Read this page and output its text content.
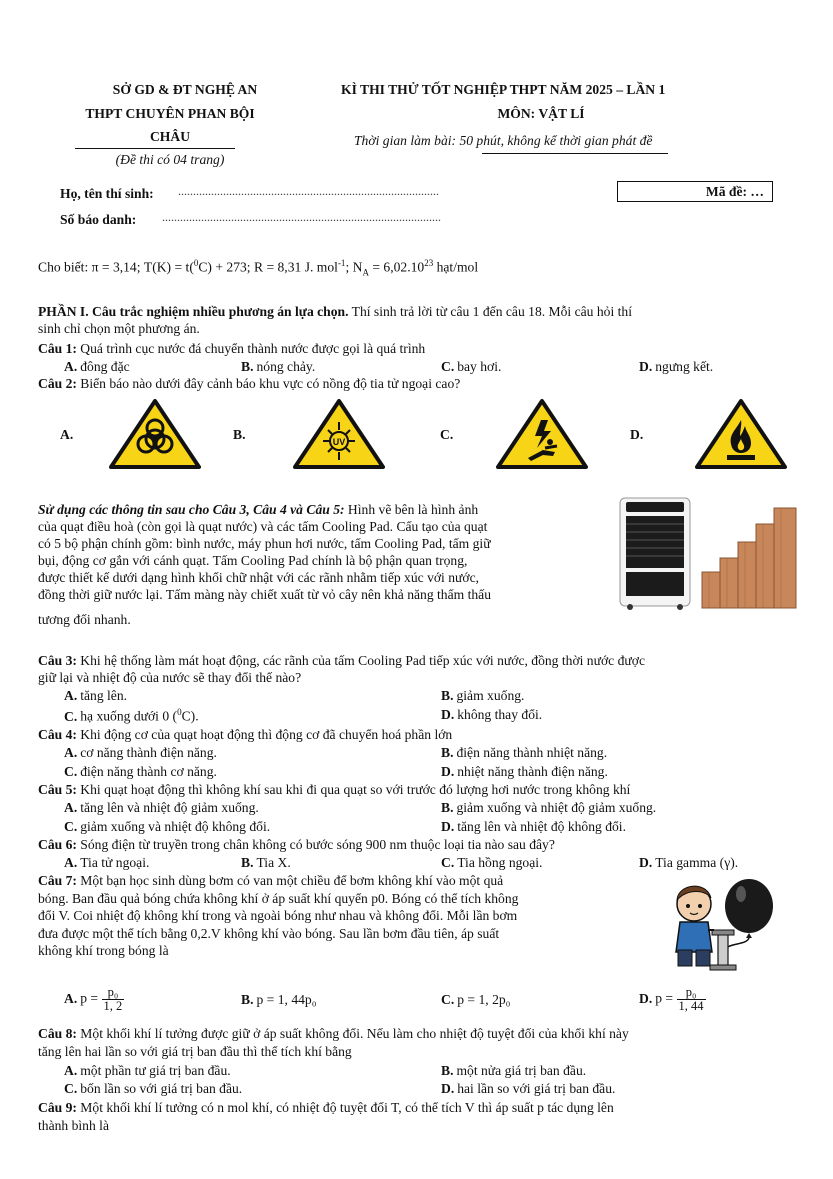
SỞ GD & ĐT NGHỆ AN
THPT CHUYÊN PHAN BỘI
CHÂU
(Đề thi có 04 trang)
KÌ THI THỬ TỐT NGHIỆP THPT NĂM 2025 – LẦN 1
MÔN: VẬT LÍ
Thời gian làm bài: 50 phút, không kể thời gian phát đề
Họ, tên thí sinh: .......................................................................................
Số báo danh: .............................................................................................
Mã đề: …
Cho biết: π = 3,14; T(K) = t($^0$C) + 273; R = 8,31 J. mol$^{-1}$; $N_A = 6,02.10^{23}$ hạt/mol
PHẦN I. Câu trắc nghiệm nhiều phương án lựa chọn. Thí sinh trả lời từ câu 1 đến câu 18. Mỗi câu hỏi thí
sinh chỉ chọn một phương án.
Câu 1: Quá trình cục nước đá chuyển thành nước được gọi là quá trình
A. đông đặc	B. nóng chảy.	C. bay hơi.	D. ngưng kết.
Câu 2: Biển báo nào dưới đây cảnh báo khu vực có nồng độ tia tử ngoại cao?
A.	B.	C.	D.
UV
Sử dụng các thông tin sau cho Câu 3, Câu 4 và Câu 5: Hình vẽ bên là hình ảnh
của quạt điều hoà (còn gọi là quạt nước) và các tấm Cooling Pad. Cấu tạo của quạt
có 5 bộ phận chính gồm: bình nước, máy phun hơi nước, tấm Cooling Pad, tấm giữ
bụi, động cơ gắn với cánh quạt. Tấm Cooling Pad chính là bộ phận quan trọng,
được thiết kế dưới dạng hình khối chữ nhật với các rãnh nhằm tiếp xúc với nước,
đồng thời giữ nước lại. Tấm màng này chiết xuất từ vỏ cây nên khả năng thẩm thấu
tương đối nhanh.
Câu 3: Khi hệ thống làm mát hoạt động, các rãnh của tấm Cooling Pad tiếp xúc với nước, đồng thời nước được
giữ lại và nhiệt độ của nước sẽ thay đổi thế nào?
A. tăng lên.	B. giảm xuống.
C. hạ xuống dưới 0 ($^0$C).	D. không thay đổi.
Câu 4: Khi động cơ của quạt hoạt động thì động cơ đã chuyển hoá phần lớn
A. cơ năng thành điện năng.	B. điện năng thành nhiệt năng.
C. điện năng thành cơ năng.	D. nhiệt năng thành điện năng.
Câu 5: Khi quạt hoạt động thì không khí sau khi đi qua quạt so với trước đó lượng hơi nước trong không khí
A. tăng lên và nhiệt độ giảm xuống.	B. giảm xuống và nhiệt độ giảm xuống.
C. giảm xuống và nhiệt độ không đổi.	D. tăng lên và nhiệt độ không đổi.
Câu 6: Sóng điện từ truyền trong chân không có bước sóng 900 nm thuộc loại tia nào sau đây?
A. Tia tử ngoại.	B. Tia X.	C. Tia hồng ngoại.	D. Tia gamma (γ).
Câu 7: Một bạn học sinh dùng bơm có van một chiều để bơm không khí vào một quả
bóng. Ban đầu quả bóng chứa không khí ở áp suất khí quyển p0. Bóng có thể tích không
đổi V. Coi nhiệt độ không khí trong và ngoài bóng như nhau và không đổi. Mỗi lần bơm
đưa được một thể tích bằng 0,2.V không khí vào bóng. Sau lần bơm đầu tiên, áp suất
không khí trong bóng là
A. $p = \frac{\text{p₀}}{1, 2}$	B. p = 1, 44p₀	C. p = 1, 2p₀	D. $p = \frac{\text{p₀}}{1, 44}$
Câu 8: Một khối khí lí tưởng được giữ ở áp suất không đổi. Nếu làm cho nhiệt độ tuyệt đối của khối khí này
tăng lên hai lần so với giá trị ban đầu thì thể tích khí bằng
A. một phần tư giá trị ban đầu.	B. một nửa giá trị ban đầu.
C. bốn lần so với giá trị ban đầu.	D. hai lần so với giá trị ban đầu.
Câu 9: Một khối khí lí tưởng có n mol khí, có nhiệt độ tuyệt đối T, có thể tích V thì áp suất p tác dụng lên
thành bình là
